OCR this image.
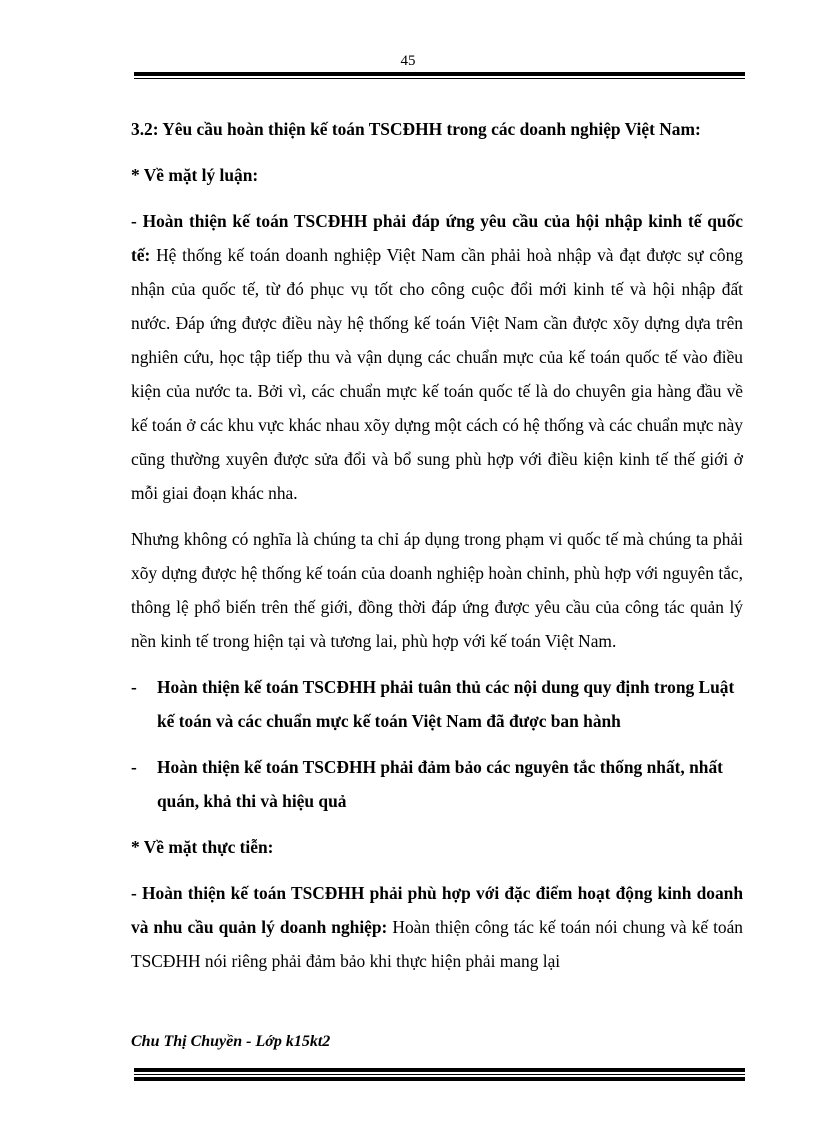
45

3.2: Yêu cầu hoàn thiện kế toán TSCĐHH trong các doanh nghiệp Việt Nam:

* Về mặt lý luận:

- Hoàn thiện kế toán TSCĐHH phải đáp ứng yêu cầu của hội nhập kinh tế quốc tế: Hệ thống kế toán doanh nghiệp Việt Nam cần phải hoà nhập và đạt được sự công nhận của quốc tế, từ đó phục vụ tốt cho công cuộc đổi mới kinh tế và hội nhập đất nước. Đáp ứng được điều này hệ thống kế toán Việt Nam cần được xõy dựng dựa trên nghiên cứu, học tập tiếp thu và vận dụng các chuẩn mực của kế toán quốc tế vào điều kiện của nước ta. Bởi vì, các chuẩn mực kế toán quốc tế là do chuyên gia hàng đầu về kế toán ở các khu vực khác nhau xõy dựng một cách có hệ thống và các chuẩn mực này cũng thường xuyên được sửa đổi và bổ sung phù hợp với điều kiện kinh tế thế giới ở mỗi giai đoạn khác nha.

Nhưng không có nghĩa là chúng ta chỉ áp dụng trong phạm vi quốc tế mà chúng ta phải xõy dựng được hệ thống kế toán của doanh nghiệp hoàn chỉnh, phù hợp với nguyên tắc, thông lệ phổ biến trên thế giới, đồng thời đáp ứng được yêu cầu của công tác quản lý nền kinh tế trong hiện tại và tương lai, phù hợp với kế toán Việt Nam.

-	Hoàn thiện kế toán TSCĐHH phải tuân thủ các nội dung quy định trong Luật kế toán và các chuẩn mực kế toán Việt Nam đã được ban hành
-	Hoàn thiện kế toán TSCĐHH phải đảm bảo các nguyên tắc thống nhất, nhất quán, khả thi và hiệu quả

* Về mặt thực tiễn:

- Hoàn thiện kế toán TSCĐHH phải phù hợp với đặc điểm hoạt động kinh doanh và nhu cầu quản lý doanh nghiệp: Hoàn thiện công tác kế toán nói chung và kế toán TSCĐHH nói riêng phải đảm bảo khi thực hiện phải mang lại

Chu Thị Chuyền - Lớp k15kt2
